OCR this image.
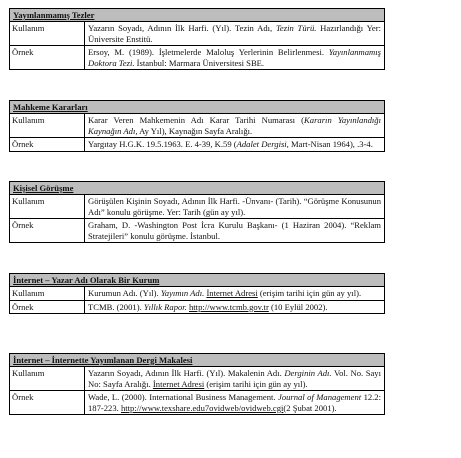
Yayınlanmamış Tezler
Kullanım	Yazarın Soyadı, Adının İlk Harfi. (Yıl). Tezin Adı, Tezin Türü. Hazırlandığı Yer: Üniversite Enstitü.
Örnek	Ersoy, M. (1989). İşletmelerde Maloluş Yerlerinin Belirlenmesi. Yayınlanmamış Doktora Tezi. İstanbul: Marmara Üniversitesi SBE.
Mahkeme Kararları
Kullanım	Karar Veren Mahkemenin Adı Karar Tarihi Numarası (Kararın Yayınlandığı Kaynağın Adı, Ay Yıl), Kaynağın Sayfa Aralığı.
Örnek	Yargıtay H.G.K. 19.5.1963. E. 4-39, K.59 (Adalet Dergisi, Mart-Nisan 1964), .3-4.
Kişisel Görüşme
Kullanım	Görüşülen Kişinin Soyadı, Adının İlk Harfi. -Ünvanı- (Tarih). “Görüşme Konusunun Adı” konulu görüşme. Yer: Tarih (gün ay yıl).
Örnek	Graham, D. -Washington Post İcra Kurulu Başkanı- (1 Haziran 2004). “Reklam Stratejileri” konulu görüşme. İstanbul.
İnternet – Yazar Adı Olarak Bir Kurum
Kullanım	Kurumun Adı. (Yıl). Yayımın Adı. İnternet Adresi (erişim tarihi için gün ay yıl).
Örnek	TCMB. (2001). Yıllık Rapor. http://www.tcmb.gov.tr (10 Eylül 2002).
İnternet – İnternette Yayımlanan Dergi Makalesi
Kullanım	Yazarın Soyadı, Adının İlk Harfi. (Yıl). Makalenin Adı. Derginin Adı. Vol. No. Sayı No: Sayfa Aralığı. İnternet Adresi (erişim tarihi için gün ay yıl).
Örnek	Wade, L. (2000). International Business Management. Journal of Management 12.2: 187-223. http://www.texshare.edu7ovidweb/ovidweb.cgi(2 Şubat 2001).
